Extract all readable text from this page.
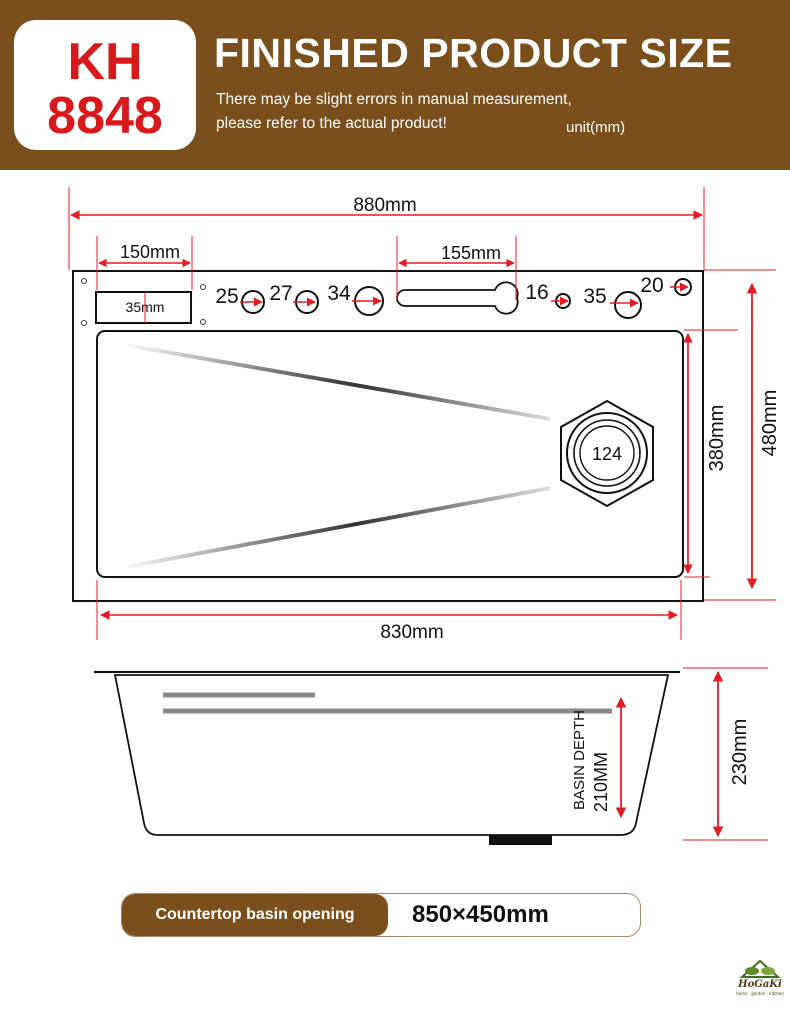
KH
8848
FINISHED PRODUCT SIZE
There may be slight errors in manual measurement,
please refer to the actual product!	unit(mm)
880mm
35mm
150mm
25 27 34
155mm
16 35 20
124	380mm 480mm
830mm
BASIN DEPTH 210MM	230mm
Countertop basin opening	850×450mm
HoGaKi
home · garden · kitchen
